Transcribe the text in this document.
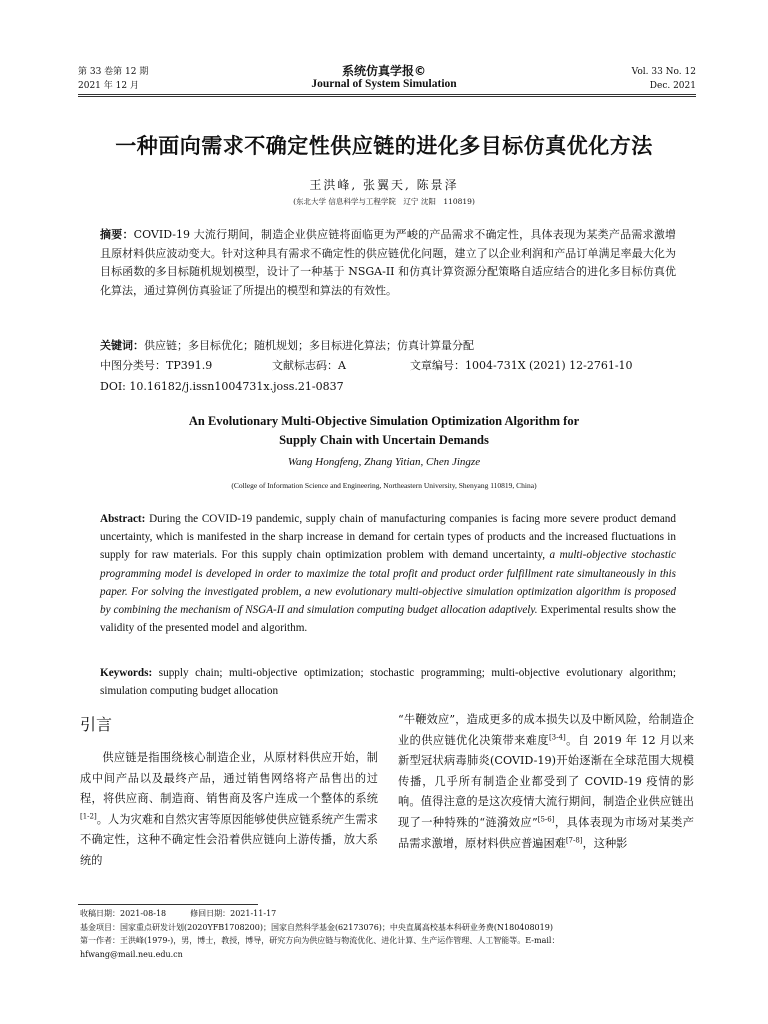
第 33 卷第 12 期
2021 年 12 月
系统仿真学报©
Journal of System Simulation
Vol. 33 No. 12
Dec. 2021
一种面向需求不确定性供应链的进化多目标仿真优化方法
王洪峰, 张翼天, 陈景泽
(东北大学 信息科学与工程学院　辽宁 沈阳　110819)
摘要：COVID-19 大流行期间，制造企业供应链将面临更为严峻的产品需求不确定性，具体表现为某类产品需求激增且原材料供应波动变大。针对这种具有需求不确定性的供应链优化问题，建立了以企业利润和产品订单满足率最大化为目标函数的多目标随机规划模型，设计了一种基于 NSGA-II 和仿真计算资源分配策略自适应结合的进化多目标仿真优化算法，通过算例仿真验证了所提出的模型和算法的有效性。
关键词：供应链；多目标优化；随机规划；多目标进化算法；仿真计算量分配
中图分类号：TP391.9	文献标志码：A	文章编号：1004-731X (2021) 12-2761-10
DOI: 10.16182/j.issn1004731x.joss.21-0837
An Evolutionary Multi-Objective Simulation Optimization Algorithm for
Supply Chain with Uncertain Demands
Wang Hongfeng, Zhang Yitian, Chen Jingze
(College of Information Science and Engineering, Northeastern University, Shenyang 110819, China)
Abstract: During the COVID-19 pandemic, supply chain of manufacturing companies is facing more severe product demand uncertainty, which is manifested in the sharp increase in demand for certain types of products and the increased fluctuations in supply for raw materials. For this supply chain optimization problem with demand uncertainty, a multi-objective stochastic programming model is developed in order to maximize the total profit and product order fulfillment rate simultaneously in this paper. For solving the investigated problem, a new evolutionary multi-objective simulation optimization algorithm is proposed by combining the mechanism of NSGA-II and simulation computing budget allocation adaptively. Experimental results show the validity of the presented model and algorithm.
Keywords: supply chain; multi-objective optimization; stochastic programming; multi-objective evolutionary algorithm; simulation computing budget allocation
引言
供应链是指围绕核心制造企业，从原材料供应开始，制成中间产品以及最终产品，通过销售网络将产品售出的过程，将供应商、制造商、销售商及客户连成一个整体的系统[1-2]。人为灾难和自然灾害等原因能够使供应链系统产生需求不确定性，这种不确定性会沿着供应链向上游传播，放大系统的
“牛鞭效应”，造成更多的成本损失以及中断风险，给制造企业的供应链优化决策带来难度[3-4]。自 2019 年 12 月以来新型冠状病毒肺炎(COVID-19)开始逐渐在全球范围大规模传播，几乎所有制造企业都受到了 COVID-19 疫情的影响。值得注意的是这次疫情大流行期间，制造企业供应链出现了一种特殊的“涟漪效应”[5-6]，具体表现为市场对某类产品需求激增，原材料供应普遍困难[7-8]，这种影
收稿日期：2021-08-18　　　修回日期：2021-11-17
基金项目：国家重点研发计划(2020YFB1708200)；国家自然科学基金(62173076)；中央直属高校基本科研业务费(N180408019)
第一作者：王洪峰(1979-)，男，博士，教授，博导，研究方向为供应链与物流优化、进化计算、生产运作管理、人工智能等。E-mail：
hfwang@mail.neu.edu.cn
